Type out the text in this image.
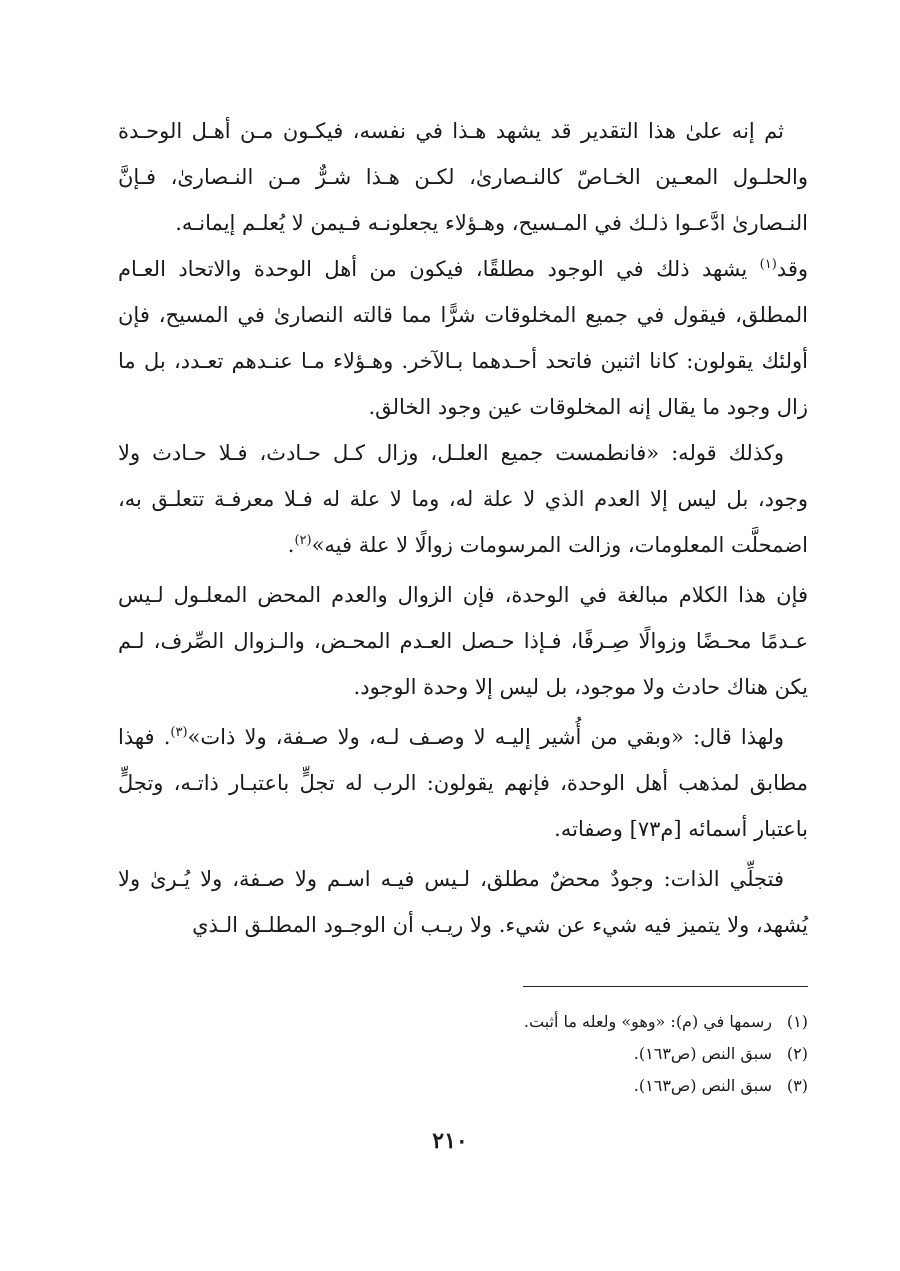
ثم إنه علىٰ هذا التقدير قد يشهد هـذا في نفسه، فيكـون مـن أهـل الوحـدة والحلـول المعـين الخـاصّ كالنـصارىٰ، لكـن هـذا شـرٌّ مـن النـصارىٰ، فـإنَّ النـصارىٰ ادَّعـوا ذلـك في المـسيح، وهـؤلاء يجعلونـه فـيمن لا يُعلـم إيمانـه.

وقد$^{(١)}$ يشهد ذلك في الوجود مطلقًا، فيكون من أهل الوحدة والاتحاد العـام المطلق، فيقول في جميع المخلوقات شرًّا مما قالته النصارىٰ في المسيح، فإن أولئك يقولون: كانا اثنين فاتحد أحـدهما بـالآخر. وهـؤلاء مـا عنـدهم تعـدد، بل ما زال وجود ما يقال إنه المخلوقات عين وجود الخالق.

وكذلك قوله: «فانطمست جميع العلـل، وزال كـل حـادث، فـلا حـادث ولا وجود، بل ليس إلا العدم الذي لا علة له، وما لا علة له فـلا معرفـة تتعلـق به، اضمحلَّت المعلومات، وزالت المرسومات زوالًا لا علة فيه»$^{(٢)}$.

فإن هذا الكلام مبالغة في الوحدة، فإن الزوال والعدم المحض المعلـول لـيس عـدمًا محـضًا وزوالًا صِـرفًا، فـإذا حـصل العـدم المحـض، والـزوال الصِّرف، لـم يكن هناك حادث ولا موجود، بل ليس إلا وحدة الوجود.

ولهذا قال: «وبقي من أُشير إليـه لا وصـف لـه، ولا صـفة، ولا ذات»$^{(٣)}$. فهذا مطابق لمذهب أهل الوحدة، فإنهم يقولون: الرب له تجلٍّ باعتبـار ذاتـه، وتجلٍّ باعتبار أسمائه [م٧٣] وصفاته.

فتجلِّي الذات: وجودٌ محضٌ مطلق، لـيس فيـه اسـم ولا صـفة، ولا يُـرىٰ ولا يُشهد، ولا يتميز فيه شيء عن شيء. ولا ريـب أن الوجـود المطلـق الـذي

(١)
رسمها في (م): «وهو» ولعله ما أثبت.
(٢)
سبق النص (ص١٦٣).
(٣)
سبق النص (ص١٦٣).
٢١٠
